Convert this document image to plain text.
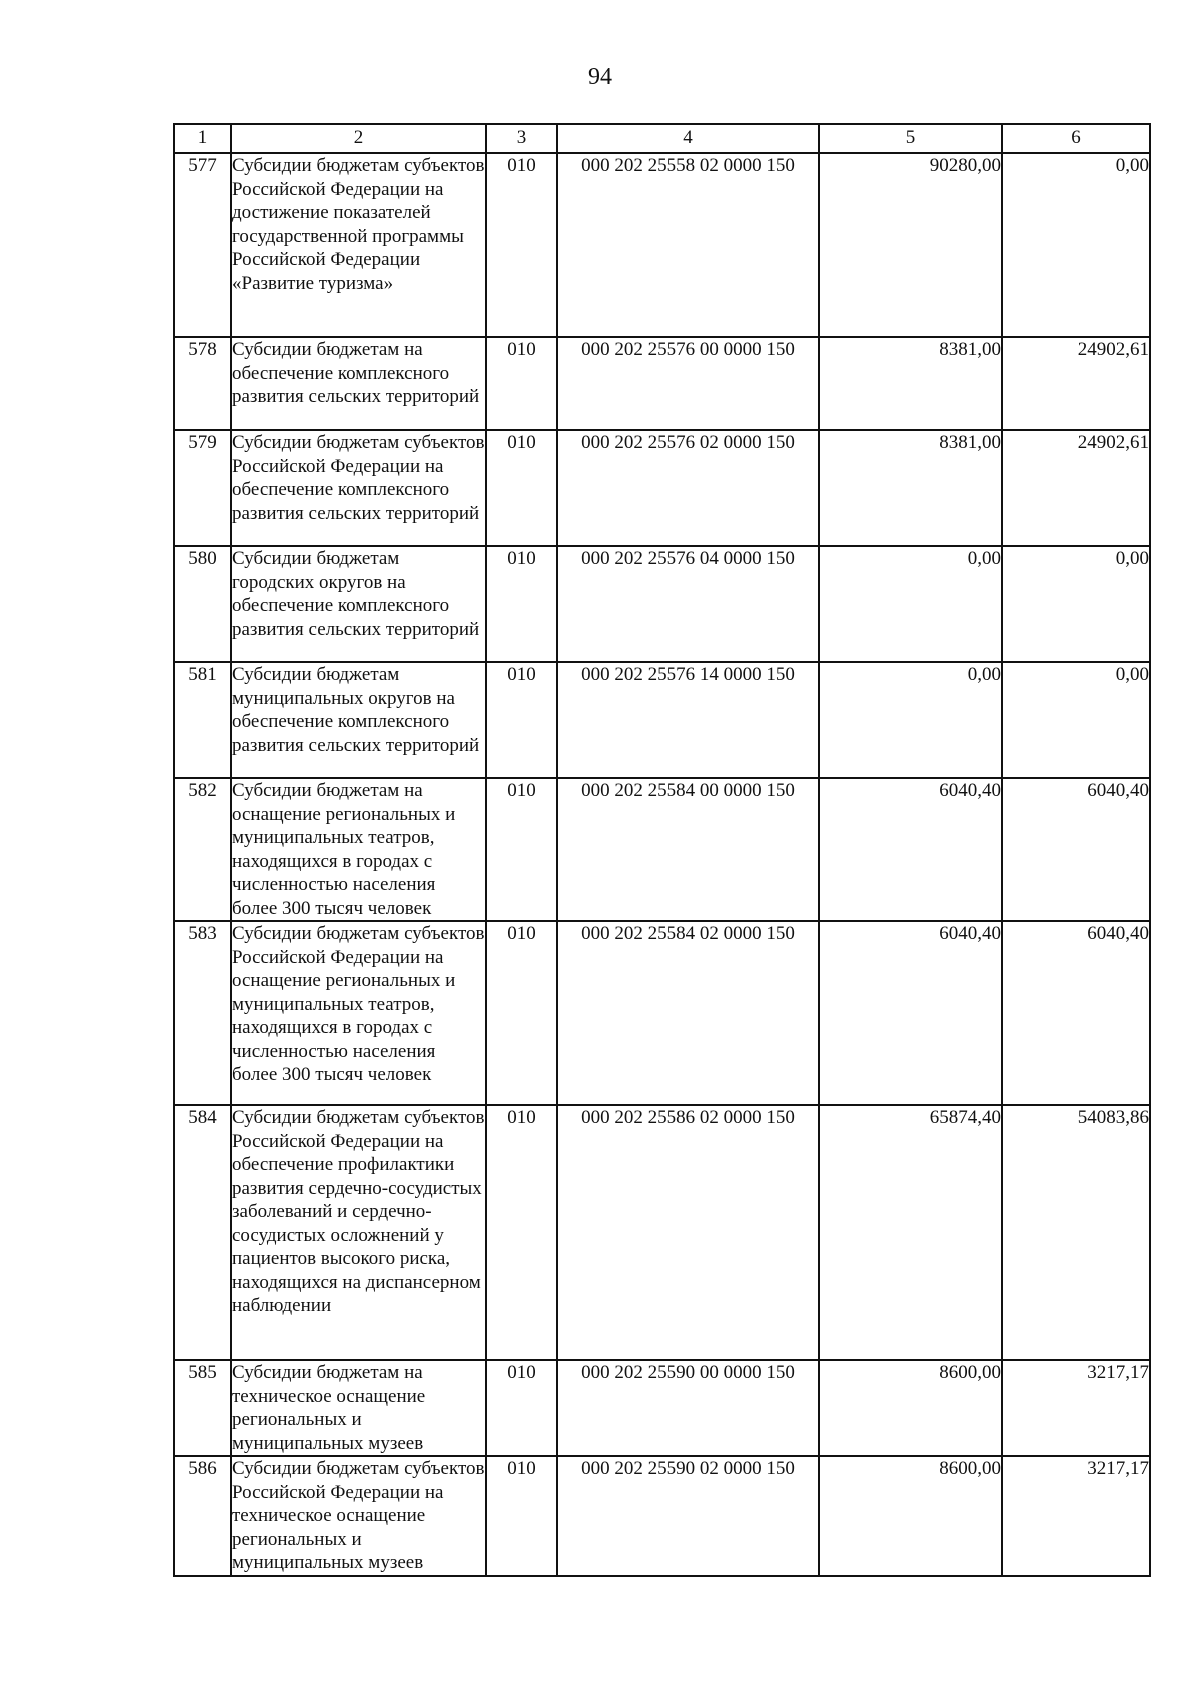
94
1	2	3	4	5	6
577	Субсидии бюджетам субъектов Российской Федерации на достижение показателей государственной программы Российской Федерации «Развитие туризма»	010	000 202 25558 02 0000 150	90280,00	0,00
578	Субсидии бюджетам на обеспечение комплексного развития сельских территорий	010	000 202 25576 00 0000 150	8381,00	24902,61
579	Субсидии бюджетам субъектов Российской Федерации на обеспечение комплексного развития сельских территорий	010	000 202 25576 02 0000 150	8381,00	24902,61
580	Субсидии бюджетам городских округов на обеспечение комплексного развития сельских территорий	010	000 202 25576 04 0000 150	0,00	0,00
581	Субсидии бюджетам муниципальных округов на обеспечение комплексного развития сельских территорий	010	000 202 25576 14 0000 150	0,00	0,00
582	Субсидии бюджетам на оснащение региональных и муниципальных театров, находящихся в городах с численностью населения более 300 тысяч человек	010	000 202 25584 00 0000 150	6040,40	6040,40
583	Субсидии бюджетам субъектов Российской Федерации на оснащение региональных и муниципальных театров, находящихся в городах с численностью населения более 300 тысяч человек	010	000 202 25584 02 0000 150	6040,40	6040,40
584	Субсидии бюджетам субъектов Российской Федерации на обеспечение профилактики развития сердечно-сосудистых заболеваний и сердечно-сосудистых осложнений у пациентов высокого риска, находящихся на диспансерном наблюдении	010	000 202 25586 02 0000 150	65874,40	54083,86
585	Субсидии бюджетам на техническое оснащение региональных и муниципальных музеев	010	000 202 25590 00 0000 150	8600,00	3217,17
586	Субсидии бюджетам субъектов Российской Федерации на техническое оснащение региональных и муниципальных музеев	010	000 202 25590 02 0000 150	8600,00	3217,17
